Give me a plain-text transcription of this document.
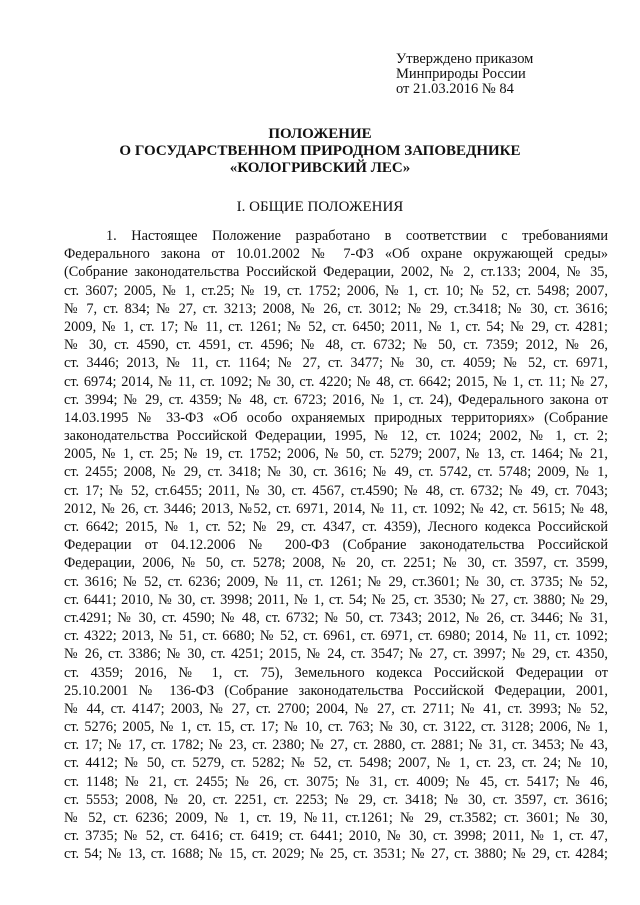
Утверждено приказом
Минприроды России
от 21.03.2016 № 84
ПОЛОЖЕНИЕ
О ГОСУДАРСТВЕННОМ ПРИРОДНОМ ЗАПОВЕДНИКЕ
«КОЛОГРИВСКИЙ ЛЕС»
I. ОБЩИЕ ПОЛОЖЕНИЯ
1. Настоящее Положение разработано в соответствии с требованиями
Федерального закона от 10.01.2002 № 7-ФЗ «Об охране окружающей среды»
(Собрание законодательства Российской Федерации, 2002, № 2, ст.133; 2004, № 35,
ст. 3607; 2005, № 1, ст.25; № 19, ст. 1752; 2006, № 1, ст. 10; № 52, ст. 5498; 2007,
№ 7, ст. 834; № 27, ст. 3213; 2008, № 26, ст. 3012; № 29, ст.3418; № 30, ст. 3616;
2009, № 1, ст. 17; № 11, ст. 1261; № 52, ст. 6450; 2011, № 1, ст. 54; № 29, ст. 4281;
№ 30, ст. 4590, ст. 4591, ст. 4596; № 48, ст. 6732; № 50, ст. 7359; 2012, № 26,
ст. 3446; 2013, № 11, ст. 1164; № 27, ст. 3477; № 30, ст. 4059; № 52, ст. 6971,
ст. 6974; 2014, № 11, ст. 1092; № 30, ст. 4220; № 48, ст. 6642; 2015, № 1, ст. 11; № 27,
ст. 3994; № 29, ст. 4359; № 48, ст. 6723; 2016, № 1, ст. 24), Федерального закона от
14.03.1995 № 33-ФЗ «Об особо охраняемых природных территориях» (Собрание
законодательства Российской Федерации, 1995, № 12, ст. 1024; 2002, № 1, ст. 2;
2005, № 1, ст. 25; № 19, ст. 1752; 2006, № 50, ст. 5279; 2007, № 13, ст. 1464; № 21,
ст. 2455; 2008, № 29, ст. 3418; № 30, ст. 3616; № 49, ст. 5742, ст. 5748; 2009, № 1,
ст. 17; № 52, ст.6455; 2011, № 30, ст. 4567, ст.4590; № 48, ст. 6732; № 49, ст. 7043;
2012, № 26, ст. 3446; 2013, №52, ст. 6971, 2014, № 11, ст. 1092; № 42, ст. 5615; № 48,
ст. 6642; 2015, № 1, ст. 52; № 29, ст. 4347, ст. 4359), Лесного кодекса Российской
Федерации от 04.12.2006 № 200-ФЗ (Собрание законодательства Российской
Федерации, 2006, № 50, ст. 5278; 2008, № 20, ст. 2251; № 30, ст. 3597, ст. 3599,
ст. 3616; № 52, ст. 6236; 2009, № 11, ст. 1261; № 29, ст.3601; № 30, ст. 3735; № 52,
ст. 6441; 2010, № 30, ст. 3998; 2011, № 1, ст. 54; № 25, ст. 3530; № 27, ст. 3880; № 29,
ст.4291; № 30, ст. 4590; № 48, ст. 6732; № 50, ст. 7343; 2012, № 26, ст. 3446; № 31,
ст. 4322; 2013, № 51, ст. 6680; № 52, ст. 6961, ст. 6971, ст. 6980; 2014, № 11, ст. 1092;
№ 26, ст. 3386; № 30, ст. 4251; 2015, № 24, ст. 3547; № 27, ст. 3997; № 29, ст. 4350,
ст. 4359; 2016, № 1, ст. 75), Земельного кодекса Российской Федерации от
25.10.2001 № 136-ФЗ (Собрание законодательства Российской Федерации, 2001,
№ 44, ст. 4147; 2003, № 27, ст. 2700; 2004, № 27, ст. 2711; № 41, ст. 3993; № 52,
ст. 5276; 2005, № 1, ст. 15, ст. 17; № 10, ст. 763; № 30, ст. 3122, ст. 3128; 2006, № 1,
ст. 17; № 17, ст. 1782; № 23, ст. 2380; № 27, ст. 2880, ст. 2881; № 31, ст. 3453; № 43,
ст. 4412; № 50, ст. 5279, ст. 5282; № 52, ст. 5498; 2007, № 1, ст. 23, ст. 24; № 10,
ст. 1148; № 21, ст. 2455; № 26, ст. 3075; № 31, ст. 4009; № 45, ст. 5417; № 46,
ст. 5553; 2008, № 20, ст. 2251, ст. 2253; № 29, ст. 3418; № 30, ст. 3597, ст. 3616;
№ 52, ст. 6236; 2009, № 1, ст. 19, №11, ст.1261; № 29, ст.3582; ст. 3601; № 30,
ст. 3735; № 52, ст. 6416; ст. 6419; ст. 6441; 2010, № 30, ст. 3998; 2011, № 1, ст. 47,
ст. 54; № 13, ст. 1688; № 15, ст. 2029; № 25, ст. 3531; № 27, ст. 3880; № 29, ст. 4284;
